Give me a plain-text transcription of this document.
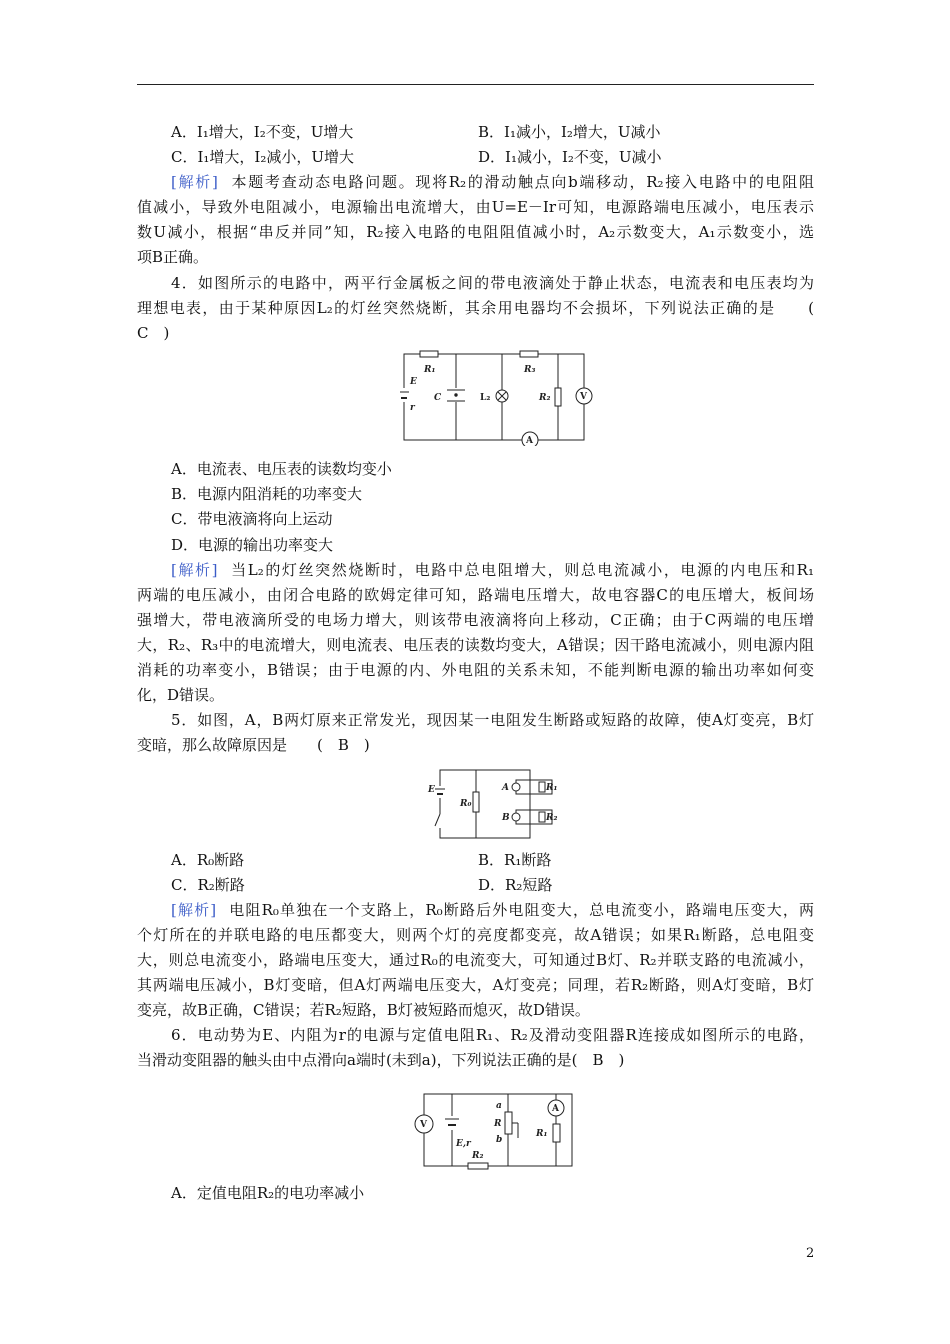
A．I₁增大，I₂不变，U增大	B．I₁减小，I₂增大，U减小
C．I₁增大，I₂减小，U增大	D．I₁减小，I₂不变，U减小
[解析] 本题考查动态电路问题。现将R₂的滑动触点向b端移动，R₂接入电路中的电阻阻
值减小，导致外电阻减小，电源输出电流增大，由U=E－Ir可知，电源路端电压减小，电压表示
数U减小，根据“串反并同”知，R₂接入电路的电阻阻值减小时，A₂示数变大，A₁示数变小，选
项B正确。
4．如图所示的电路中，两平行金属板之间的带电液滴处于静止状态，电流表和电压表均为
理想电表，由于某种原因L₂的灯丝突然烧断，其余用电器均不会损坏，下列说法正确的是　　(
C　)
E
r
R₁
C	L₂
R₃
R₂	V
A
A．电流表、电压表的读数均变小
B．电源内阻消耗的功率变大
C．带电液滴将向上运动
D．电源的输出功率变大
[解析] 当L₂的灯丝突然烧断时，电路中总电阻增大，则总电流减小，电源的内电压和R₁
两端的电压减小，由闭合电路的欧姆定律可知，路端电压增大，故电容器C的电压增大，板间场
强增大，带电液滴所受的电场力增大，则该带电液滴将向上移动，C正确；由于C两端的电压增
大，R₂、R₃中的电流增大，则电流表、电压表的读数均变大，A错误；因干路电流减小，则电源内阻
消耗的功率变小，B错误；由于电源的内、外电阻的关系未知，不能判断电源的输出功率如何变
化，D错误。
5．如图，A，B两灯原来正常发光，现因某一电阻发生断路或短路的故障，使A灯变亮，B灯
变暗，那么故障原因是　　(　B　)
E
R₀
A	R₁
B	R₂
A．R₀断路	B．R₁断路
C．R₂断路	D．R₂短路
[解析] 电阻R₀单独在一个支路上，R₀断路后外电阻变大，总电流变小，路端电压变大，两
个灯所在的并联电路的电压都变大，则两个灯的亮度都变亮，故A错误；如果R₁断路，总电阻变
大，则总电流变小，路端电压变大，通过R₀的电流变大，可知通过B灯、R₂并联支路的电流减小，
其两端电压减小，B灯变暗，但A灯两端电压变大，A灯变亮；同理，若R₂断路，则A灯变暗，B灯
变亮，故B正确，C错误；若R₂短路，B灯被短路而熄灭，故D错误。
6．电动势为E、内阻为r的电源与定值电阻R₁、R₂及滑动变阻器R连接成如图所示的电路，
当滑动变阻器的触头由中点滑向a端时(未到a)，下列说法正确的是(　B　)
V
E,r
a
R
b
A
R₁
R₂
A．定值电阻R₂的电功率减小
2
